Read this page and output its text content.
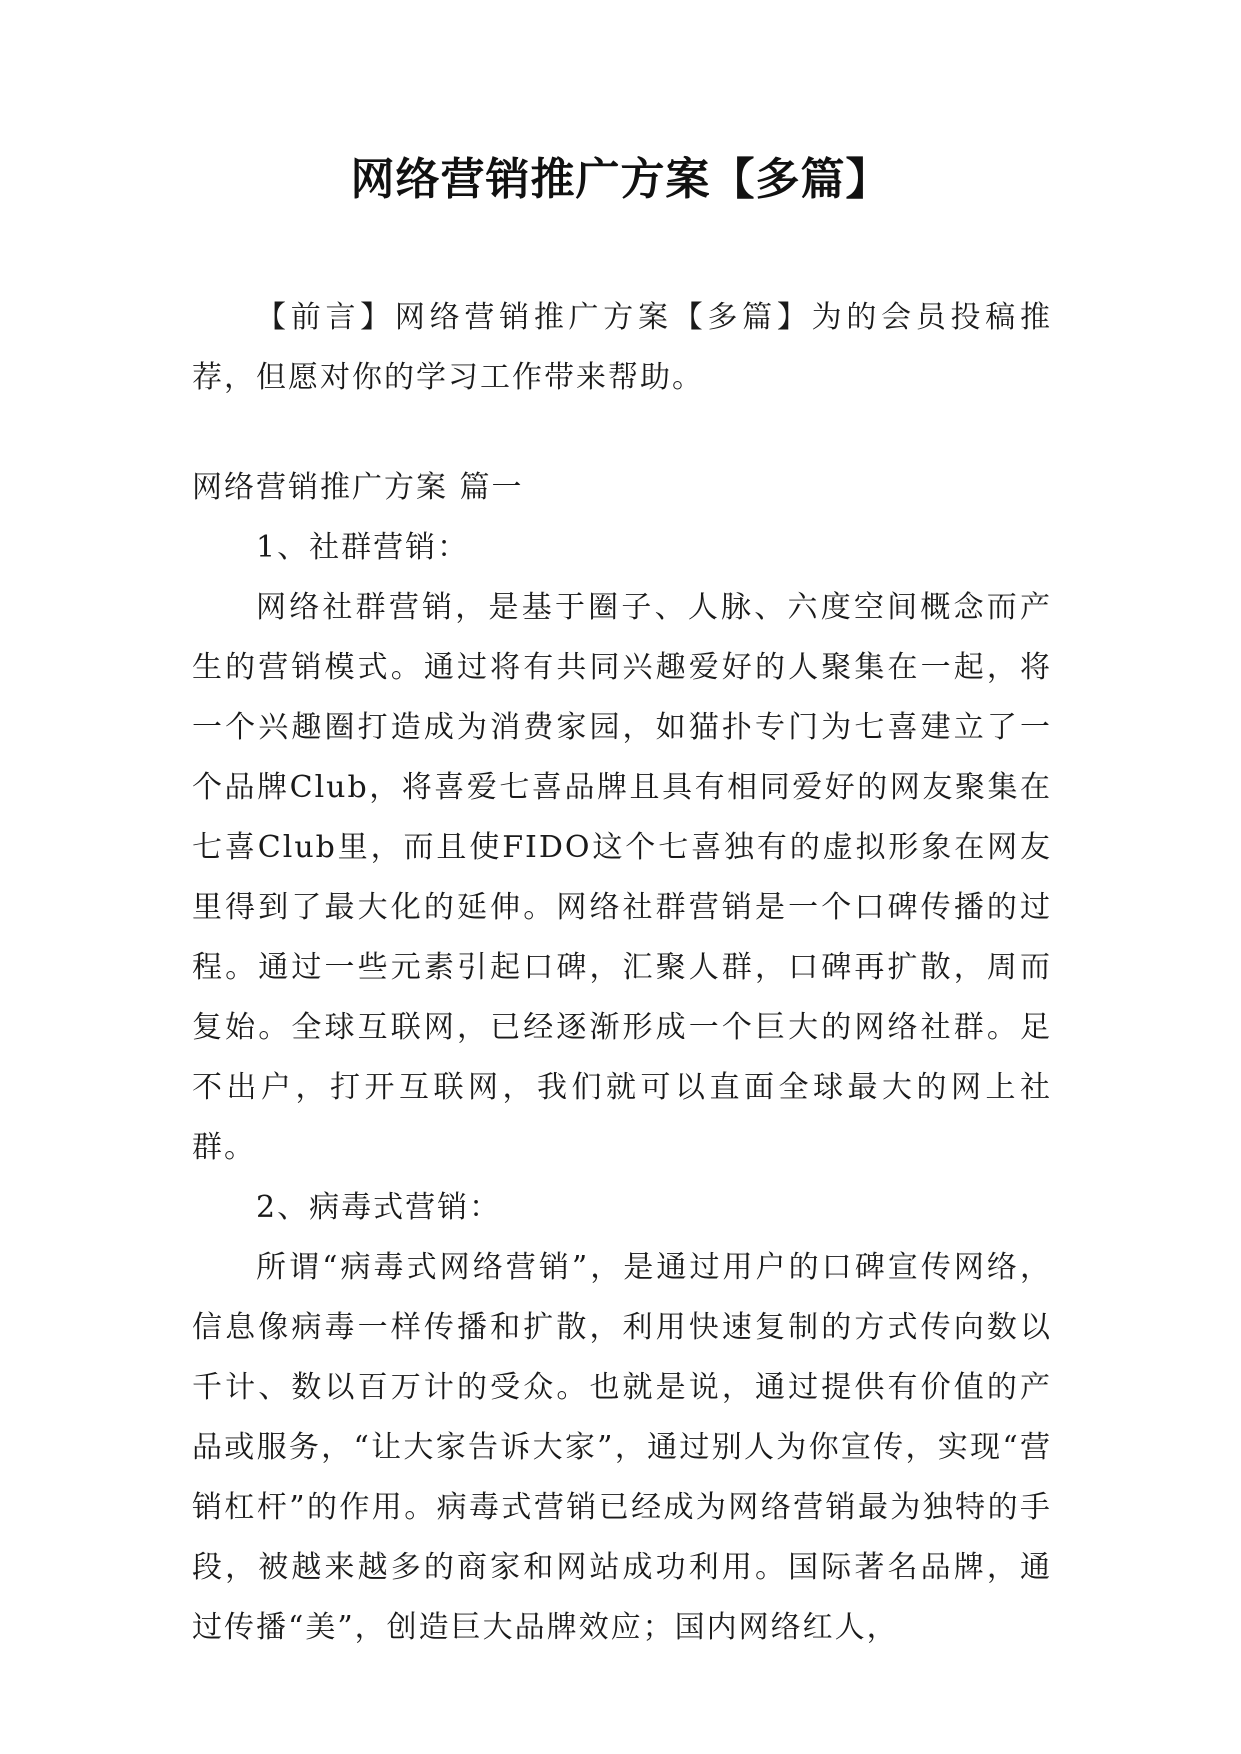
网络营销推广方案【多篇】

【前言】网络营销推广方案【多篇】为的会员投稿推荐，但愿对你的学习工作带来帮助。

网络营销推广方案 篇一

1、社群营销：

网络社群营销，是基于圈子、人脉、六度空间概念而产生的营销模式。通过将有共同兴趣爱好的人聚集在一起，将一个兴趣圈打造成为消费家园，如猫扑专门为七喜建立了一个品牌Club，将喜爱七喜品牌且具有相同爱好的网友聚集在七喜Club里，而且使FIDO这个七喜独有的虚拟形象在网友里得到了最大化的延伸。网络社群营销是一个口碑传播的过程。通过一些元素引起口碑，汇聚人群，口碑再扩散，周而复始。全球互联网，已经逐渐形成一个巨大的网络社群。足不出户，打开互联网，我们就可以直面全球最大的网上社群。

2、病毒式营销：

所谓“病毒式网络营销”，是通过用户的口碑宣传网络，信息像病毒一样传播和扩散，利用快速复制的方式传向数以千计、数以百万计的受众。也就是说，通过提供有价值的产品或服务，“让大家告诉大家”，通过别人为你宣传，实现“营销杠杆”的作用。病毒式营销已经成为网络营销最为独特的手段，被越来越多的商家和网站成功利用。国际著名品牌，通过传播“美”，创造巨大品牌效应；国内网络红人，
